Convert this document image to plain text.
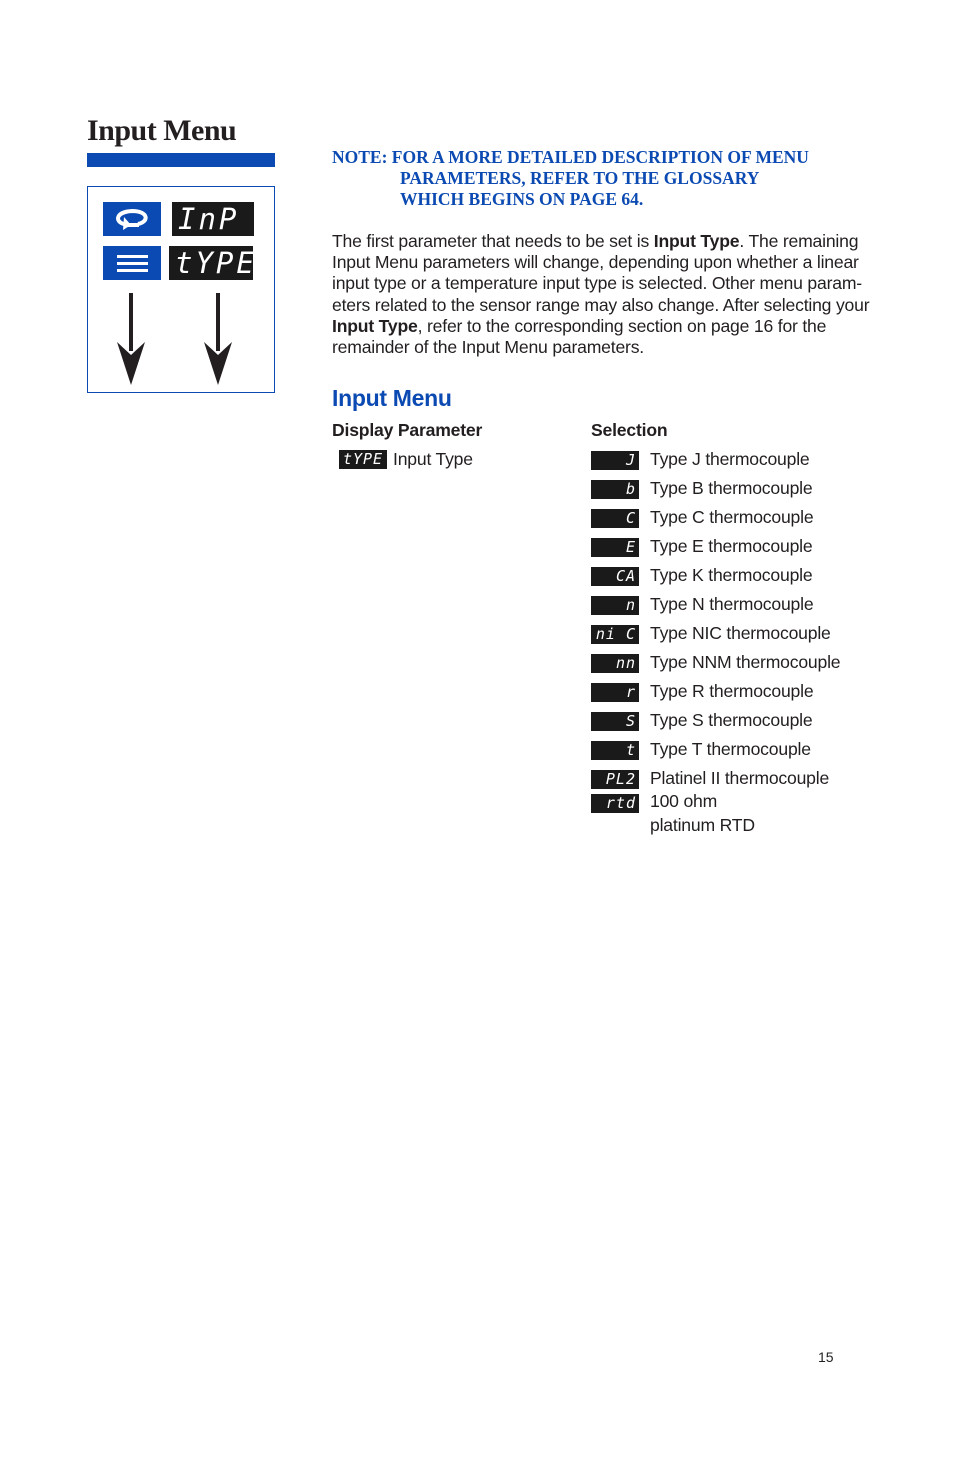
Input Menu
InP
tYPE

NOTE: FOR A MORE DETAILED DESCRIPTION OF MENU
PARAMETERS, REFER TO THE GLOSSARY
WHICH BEGINS ON PAGE 64.

The first parameter that needs to be set is Input Type. The remaining Input Menu parameters will change, depending upon whether a linear input type or a temperature input type is selected. Other menu param-eters related to the sensor range may also change. After selecting your Input Type, refer to the corresponding section on page 16 for the remainder of the Input Menu parameters.

Input Menu
Display Parameter	Selection
tYPE Input Type	J Type J thermocouple
b Type B thermocouple
C Type C thermocouple
E Type E thermocouple
CA Type K thermocouple
n Type N thermocouple
ni C Type NIC thermocouple
nn Type NNM thermocouple
r Type R thermocouple
S Type S thermocouple
t Type T thermocouple
PL2 Platinel II thermocouple
rtd 100 ohm
platinum RTD
15
